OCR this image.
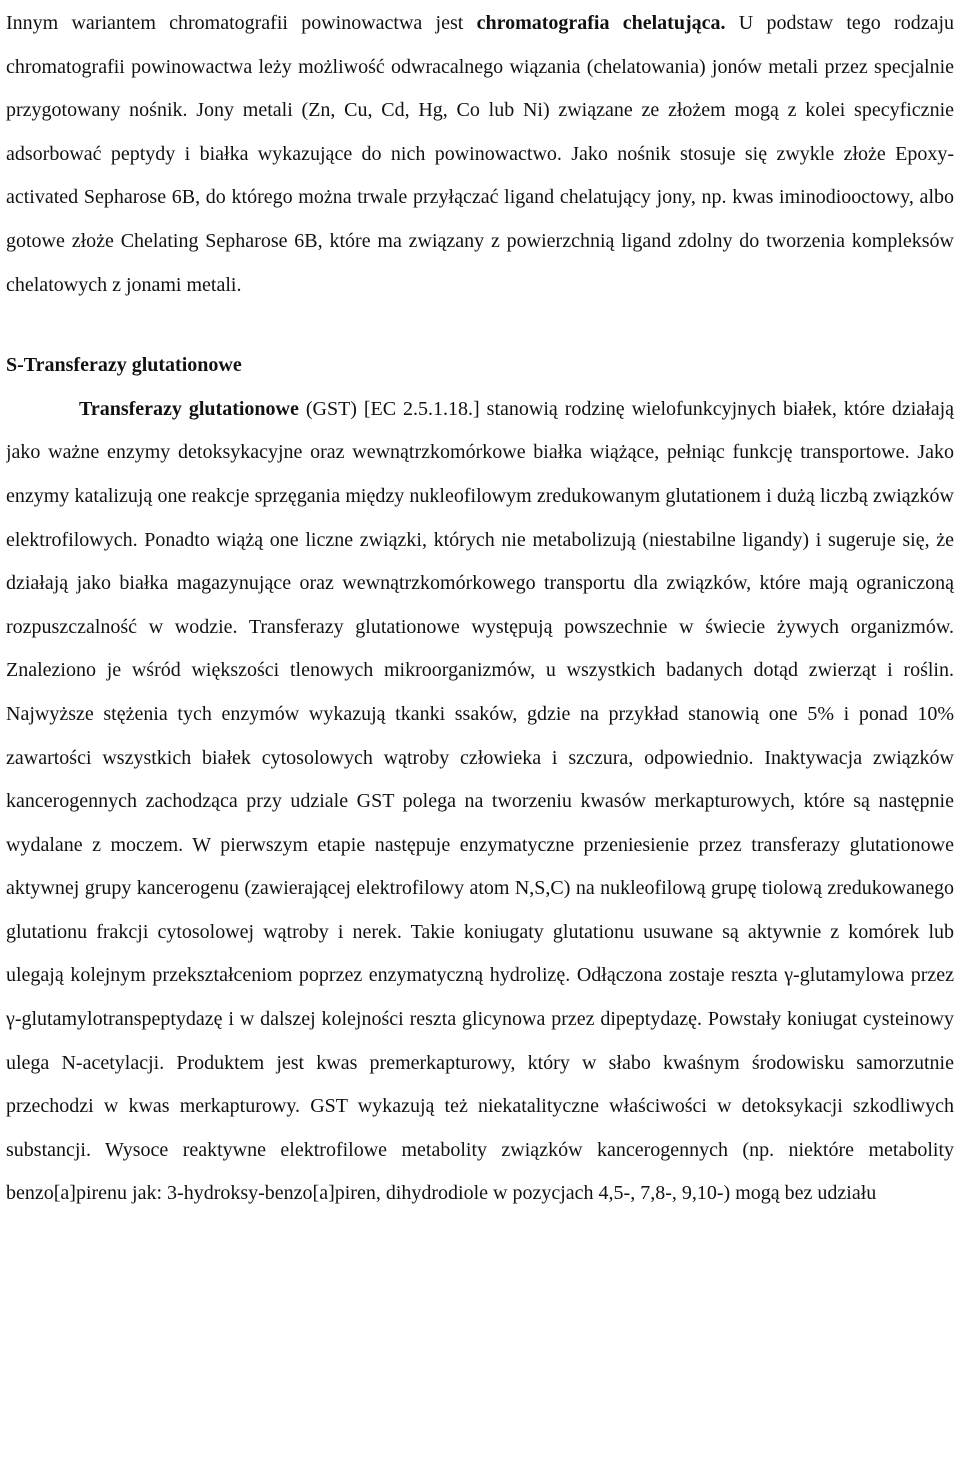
Innym wariantem chromatografii powinowactwa jest chromatografia chelatująca. U podstaw tego rodzaju chromatografii powinowactwa leży możliwość odwracalnego wiązania (chelatowania) jonów metali przez specjalnie przygotowany nośnik. Jony metali (Zn, Cu, Cd, Hg, Co lub Ni) związane ze złożem mogą z kolei specyficznie adsorbować peptydy i białka wykazujące do nich powinowactwo. Jako nośnik stosuje się zwykle złoże Epoxy-activated Sepharose 6B, do którego można trwale przyłączać ligand chelatujący jony, np. kwas iminodiooctowy, albo gotowe złoże Chelating Sepharose 6B, które ma związany z powierzchnią ligand zdolny do tworzenia kompleksów chelatowych z jonami metali.

S-Transferazy glutationowe

Transferazy glutationowe (GST) [EC 2.5.1.18.] stanowią rodzinę wielofunkcyjnych białek, które działają jako ważne enzymy detoksykacyjne oraz wewnątrzkomórkowe białka wiążące, pełniąc funkcję transportowe. Jako enzymy katalizują one reakcje sprzęgania między nukleofilowym zredukowanym glutationem i dużą liczbą związków elektrofilowych. Ponadto wiążą one liczne związki, których nie metabolizują (niestabilne ligandy) i sugeruje się, że działają jako białka magazynujące oraz wewnątrzkomórkowego transportu dla związków, które mają ograniczoną rozpuszczalność w wodzie. Transferazy glutationowe występują powszechnie w świecie żywych organizmów. Znaleziono je wśród większości tlenowych mikroorganizmów, u wszystkich badanych dotąd zwierząt i roślin. Najwyższe stężenia tych enzymów wykazują tkanki ssaków, gdzie na przykład stanowią one 5% i ponad 10% zawartości wszystkich białek cytosolowych wątroby człowieka i szczura, odpowiednio. Inaktywacja związków kancerogennych zachodząca przy udziale GST polega na tworzeniu kwasów merkapturowych, które są następnie wydalane z moczem. W pierwszym etapie następuje enzymatyczne przeniesienie przez transferazy glutationowe aktywnej grupy kancerogenu (zawierającej elektrofilowy atom N,S,C) na nukleofilową grupę tiolową zredukowanego glutationu frakcji cytosolowej wątroby i nerek. Takie koniugaty glutationu usuwane są aktywnie z komórek lub ulegają kolejnym przekształceniom poprzez enzymatyczną hydrolizę. Odłączona zostaje reszta γ-glutamylowa przez γ-glutamylotranspeptydazę i w dalszej kolejności reszta glicynowa przez dipeptydazę. Powstały koniugat cysteinowy ulega N-acetylacji. Produktem jest kwas premerkapturowy, który w słabo kwaśnym środowisku samorzutnie przechodzi w kwas merkapturowy. GST wykazują też niekatalityczne właściwości w detoksykacji szkodliwych substancji. Wysoce reaktywne elektrofilowe metabolity związków kancerogennych (np. niektóre metabolity benzo[a]pirenu jak: 3-hydroksy-benzo[a]piren, dihydrodiole w pozycjach 4,5-, 7,8-, 9,10-) mogą bez udziału
